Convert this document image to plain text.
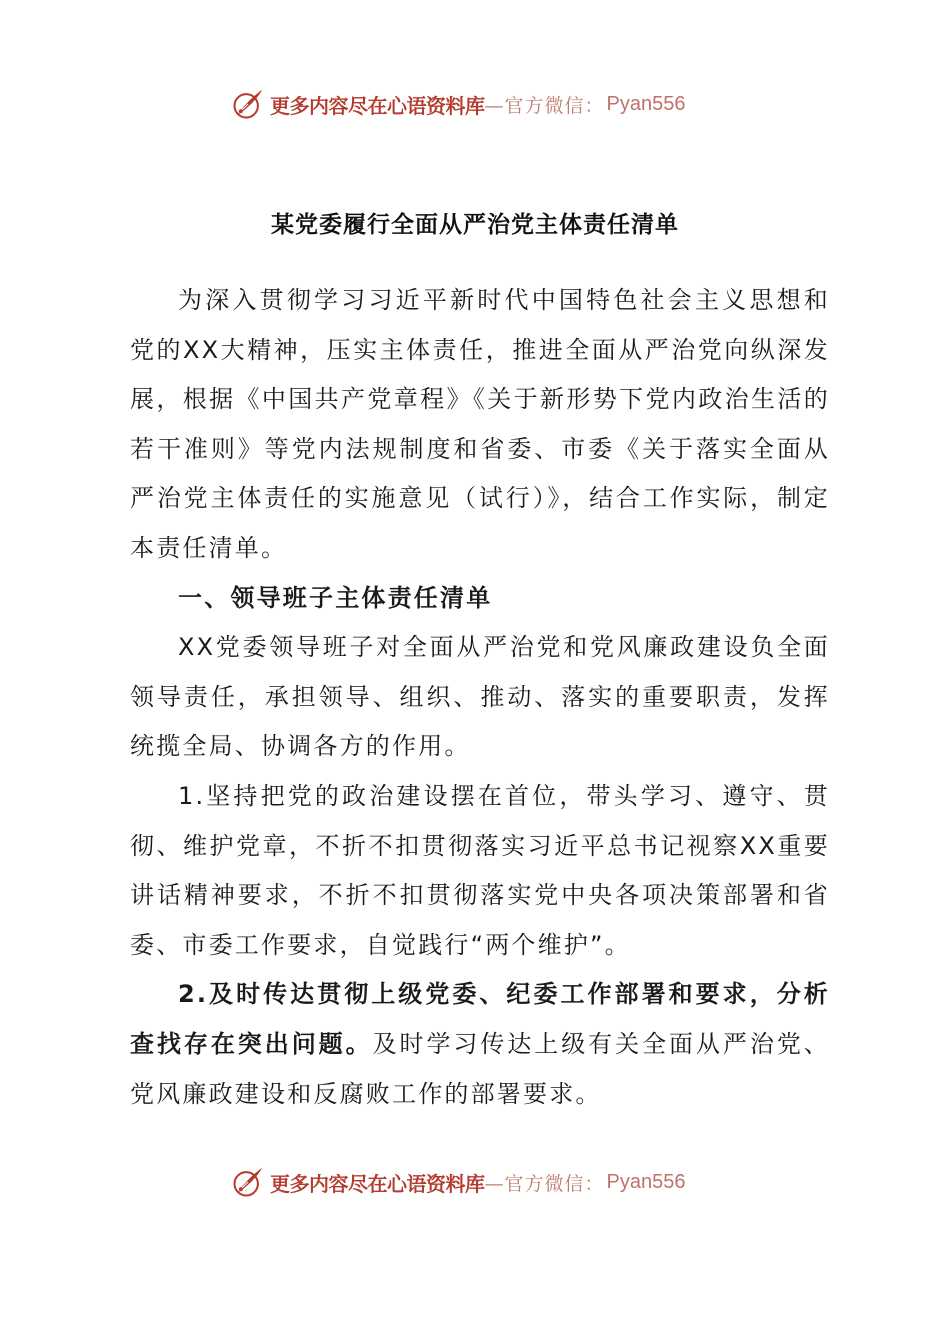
更多内容尽在心语资料库 —官方微信： Pyan556
某党委履行全面从严治党主体责任清单

为深入贯彻学习习近平新时代中国特色社会主义思想和党的XX大精神，压实主体责任，推进全面从严治党向纵深发展，根据《中国共产党章程》《关于新形势下党内政治生活的若干准则》等党内法规制度和省委、市委《关于落实全面从严治党主体责任的实施意见（试行）》，结合工作实际，制定本责任清单。

一、领导班子主体责任清单

XX党委领导班子对全面从严治党和党风廉政建设负全面领导责任，承担领导、组织、推动、落实的重要职责，发挥统揽全局、协调各方的作用。

1.坚持把党的政治建设摆在首位，带头学习、遵守、贯彻、维护党章，不折不扣贯彻落实习近平总书记视察XX重要讲话精神要求，不折不扣贯彻落实党中央各项决策部署和省委、市委工作要求，自觉践行“两个维护”。

2.及时传达贯彻上级党委、纪委工作部署和要求，分析查找存在突出问题。及时学习传达上级有关全面从严治党、党风廉政建设和反腐败工作的部署要求。

更多内容尽在心语资料库 —官方微信： Pyan556
